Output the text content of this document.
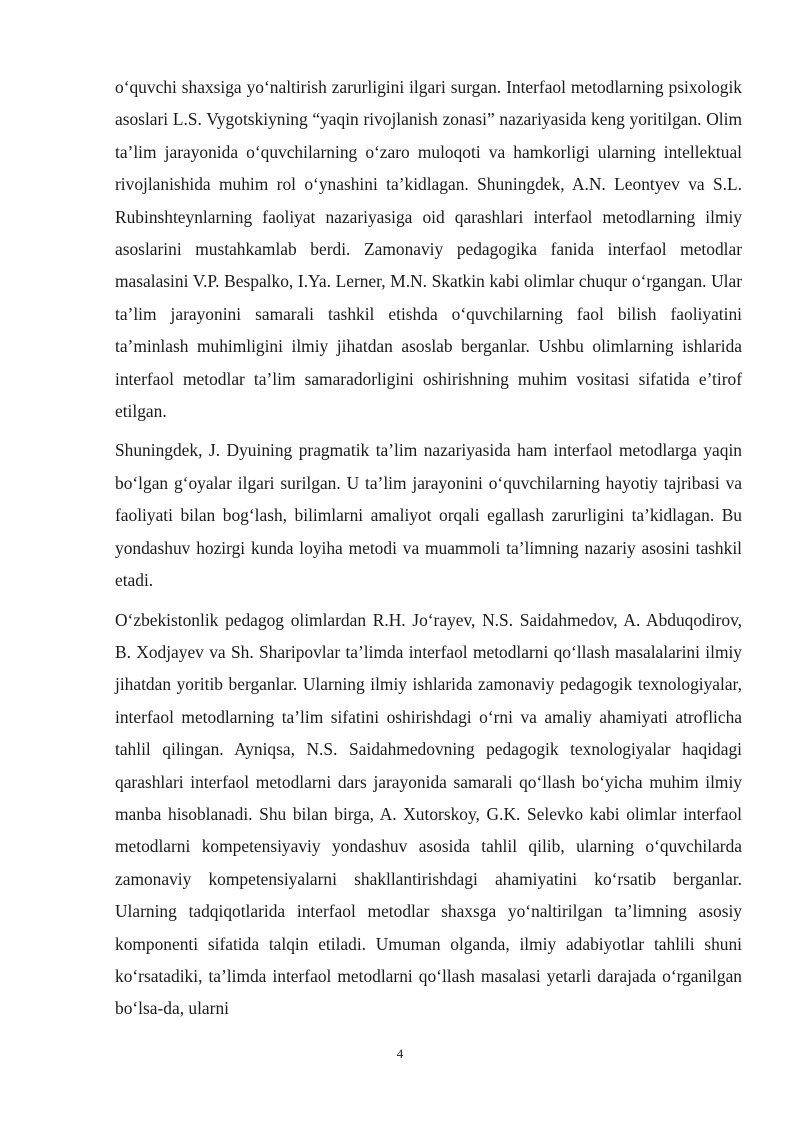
o‘quvchi shaxsiga yo‘naltirish zarurligini ilgari surgan. Interfaol metodlarning psixologik asoslari L.S. Vygotskiyning “yaqin rivojlanish zonasi” nazariyasida keng yoritilgan. Olim ta’lim jarayonida o‘quvchilarning o‘zaro muloqoti va hamkorligi ularning intellektual rivojlanishida muhim rol o‘ynashini ta’kidlagan. Shuningdek, A.N. Leontyev va S.L. Rubinshteynlarning faoliyat nazariyasiga oid qarashlari interfaol metodlarning ilmiy asoslarini mustahkamlab berdi. Zamonaviy pedagogika fanida interfaol metodlar masalasini V.P. Bespalko, I.Ya. Lerner, M.N. Skatkin kabi olimlar chuqur o‘rgangan. Ular ta’lim jarayonini samarali tashkil etishda o‘quvchilarning faol bilish faoliyatini ta’minlash muhimligini ilmiy jihatdan asoslab berganlar. Ushbu olimlarning ishlarida interfaol metodlar ta’lim samaradorligini oshirishning muhim vositasi sifatida e’tirof etilgan.

Shuningdek, J. Dyuining pragmatik ta’lim nazariyasida ham interfaol metodlarga yaqin bo‘lgan g‘oyalar ilgari surilgan. U ta’lim jarayonini o‘quvchilarning hayotiy tajribasi va faoliyati bilan bog‘lash, bilimlarni amaliyot orqali egallash zarurligini ta’kidlagan. Bu yondashuv hozirgi kunda loyiha metodi va muammoli ta’limning nazariy asosini tashkil etadi.

O‘zbekistonlik pedagog olimlardan R.H. Jo‘rayev, N.S. Saidahmedov, A. Abduqodirov, B. Xodjayev va Sh. Sharipovlar ta’limda interfaol metodlarni qo‘llash masalalarini ilmiy jihatdan yoritib berganlar. Ularning ilmiy ishlarida zamonaviy pedagogik texnologiyalar, interfaol metodlarning ta’lim sifatini oshirishdagi o‘rni va amaliy ahamiyati atroflicha tahlil qilingan. Ayniqsa, N.S. Saidahmedovning pedagogik texnologiyalar haqidagi qarashlari interfaol metodlarni dars jarayonida samarali qo‘llash bo‘yicha muhim ilmiy manba hisoblanadi. Shu bilan birga, A. Xutorskoy, G.K. Selevko kabi olimlar interfaol metodlarni kompetensiyaviy yondashuv asosida tahlil qilib, ularning o‘quvchilarda zamonaviy kompetensiyalarni shakllantirishdagi ahamiyatini ko‘rsatib berganlar. Ularning tadqiqotlarida interfaol metodlar shaxsga yo‘naltirilgan ta’limning asosiy komponenti sifatida talqin etiladi. Umuman olganda, ilmiy adabiyotlar tahlili shuni ko‘rsatadiki, ta’limda interfaol metodlarni qo‘llash masalasi yetarli darajada o‘rganilgan bo‘lsa-da, ularni

4
